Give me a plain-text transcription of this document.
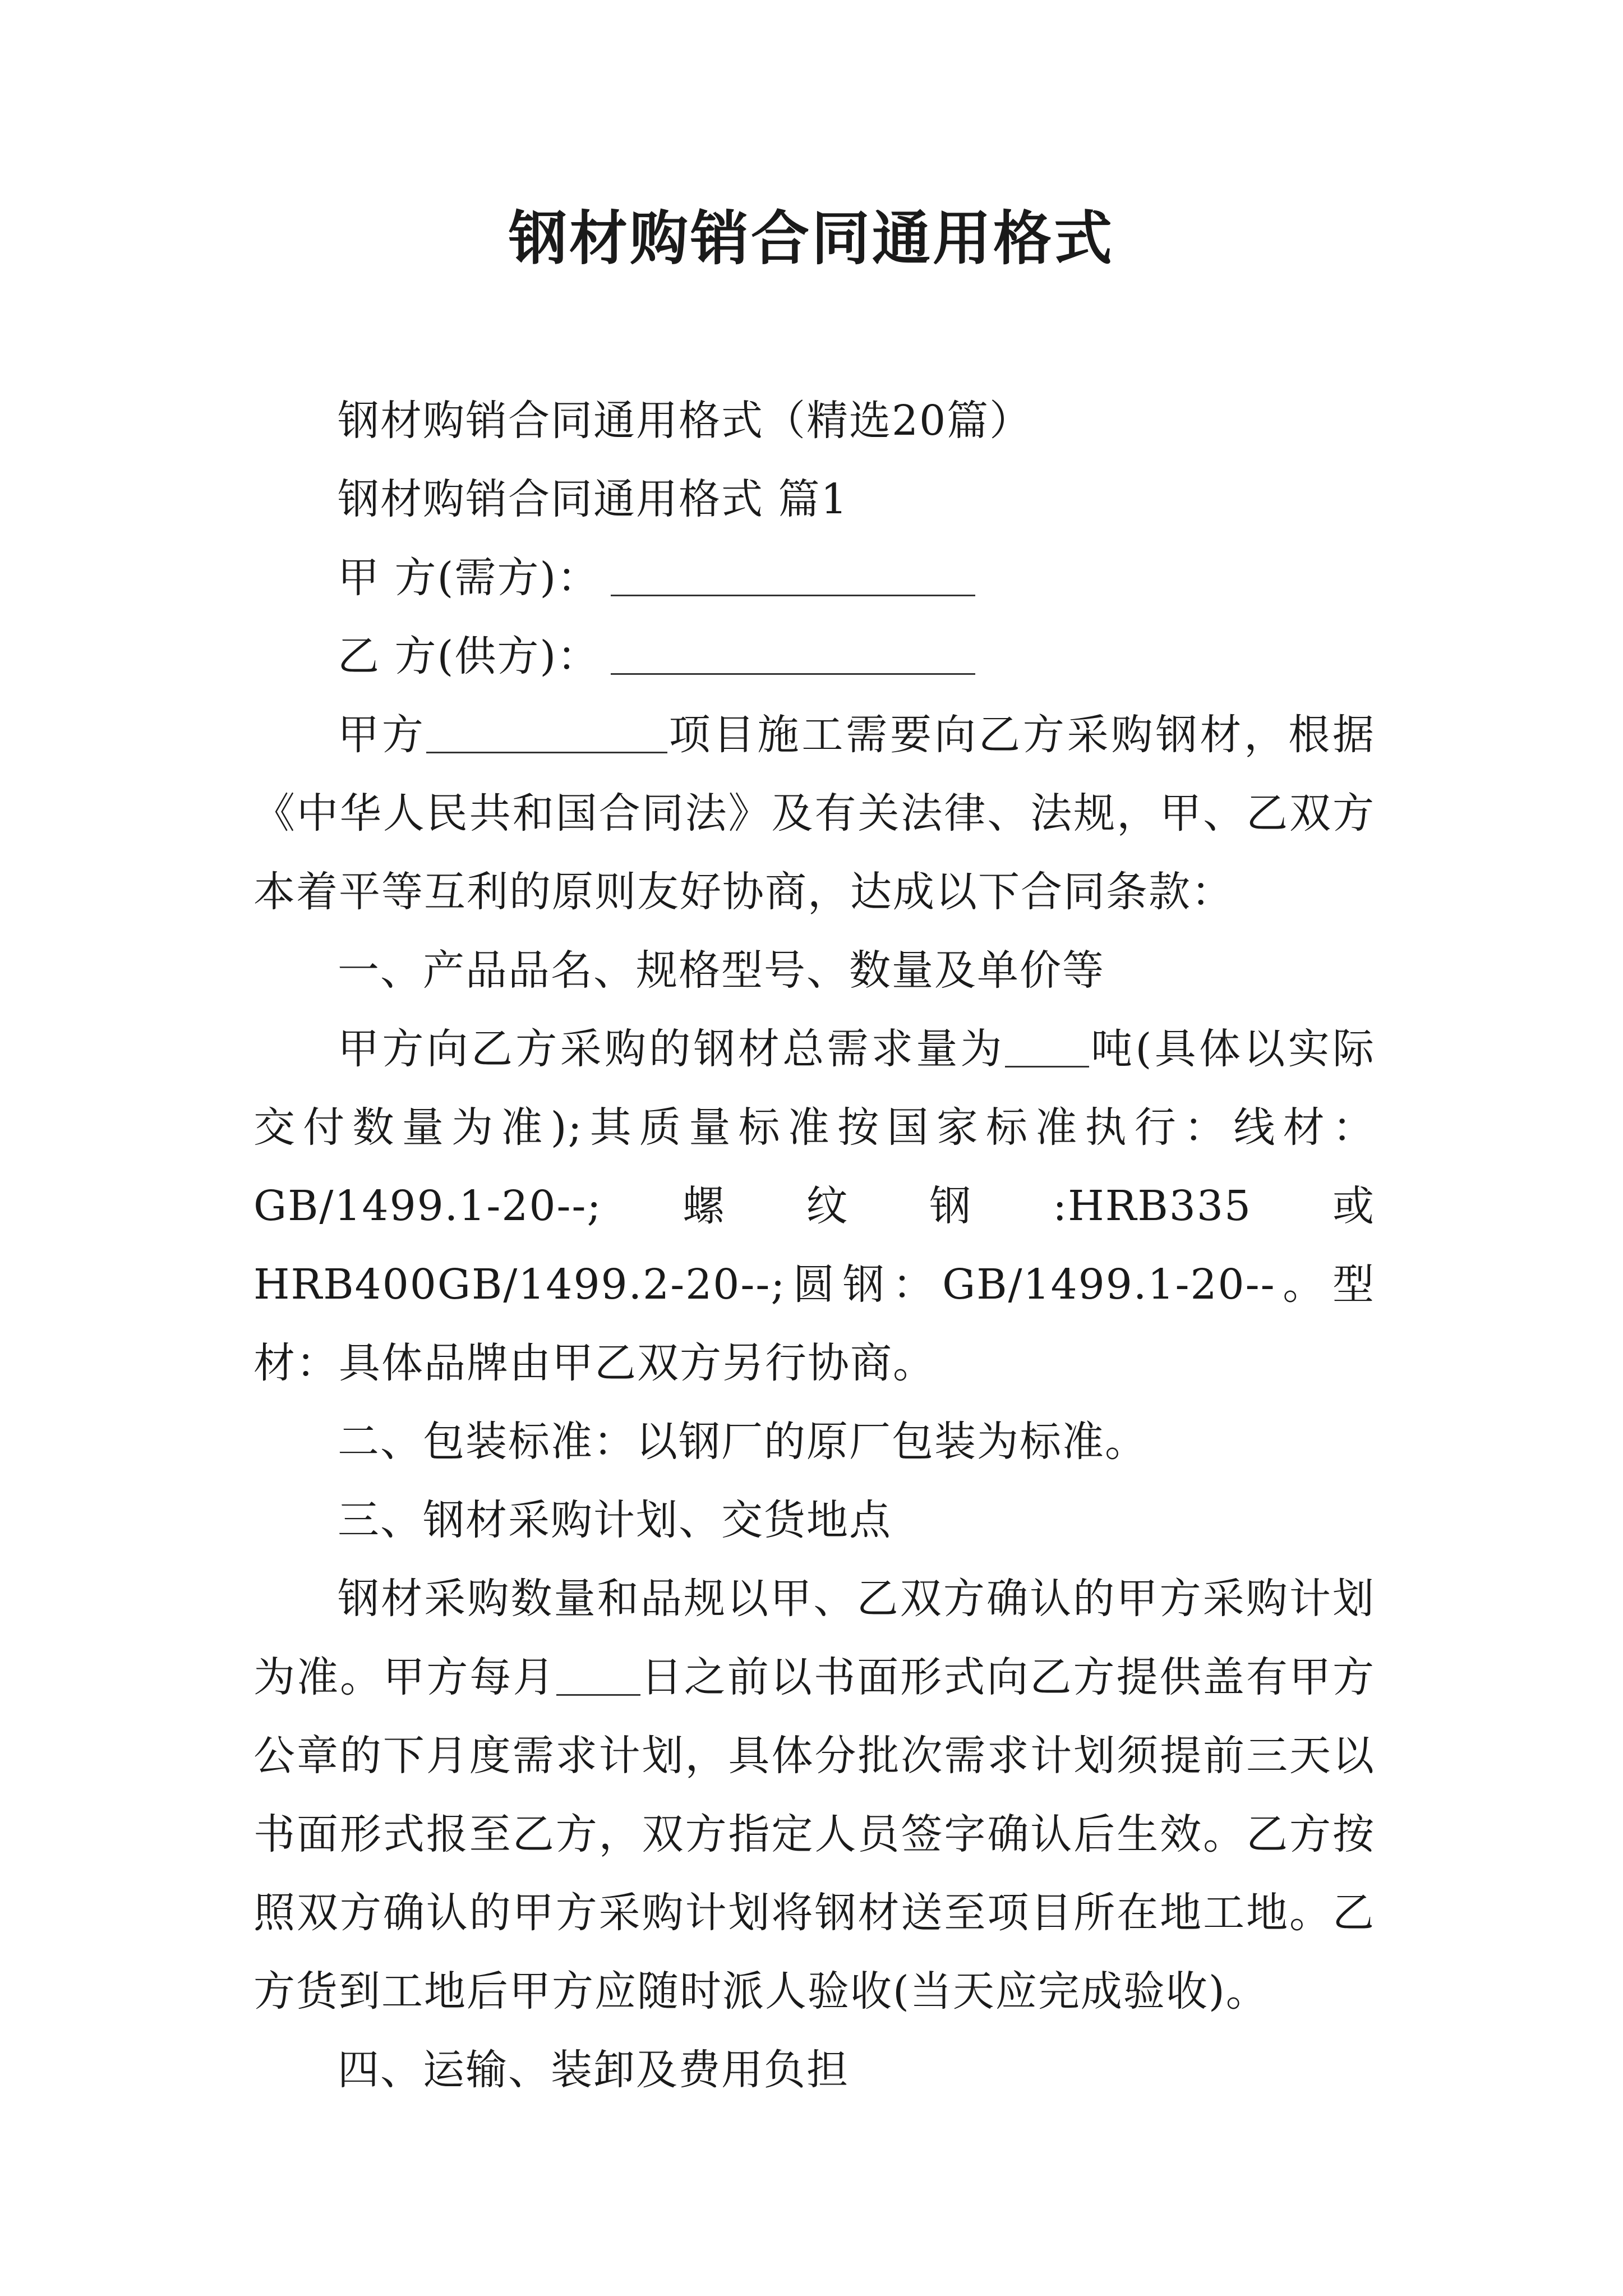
钢材购销合同通用格式

钢材购销合同通用格式（精选20篇）

钢材购销合同通用格式 篇1

甲 方(需方)：

乙 方(供方)：

甲方	项目施工需要向乙方采购钢材，根据《中华人民共和国合同法》及有关法律、法规，甲、乙双方本着平等互利的原则友好协商，达成以下合同条款：

一、产品品名、规格型号、数量及单价等

甲方向乙方采购的钢材总需求量为 吨(具体以实际交付数量为准);其质量标准按国家标准执行：线材：GB/1499.1-20--;螺纹钢:HRB335或HRB400GB/1499.2-20--;圆钢：GB/1499.1-20--。型材：具体品牌由甲乙双方另行协商。

二、包装标准：以钢厂的原厂包装为标准。

三、钢材采购计划、交货地点

钢材采购数量和品规以甲、乙双方确认的甲方采购计划为准。甲方每月 日之前以书面形式向乙方提供盖有甲方公章的下月度需求计划，具体分批次需求计划须提前三天以书面形式报至乙方，双方指定人员签字确认后生效。乙方按照双方确认的甲方采购计划将钢材送至项目所在地工地。乙方货到工地后甲方应随时派人验收(当天应完成验收)。

四、运输、装卸及费用负担
